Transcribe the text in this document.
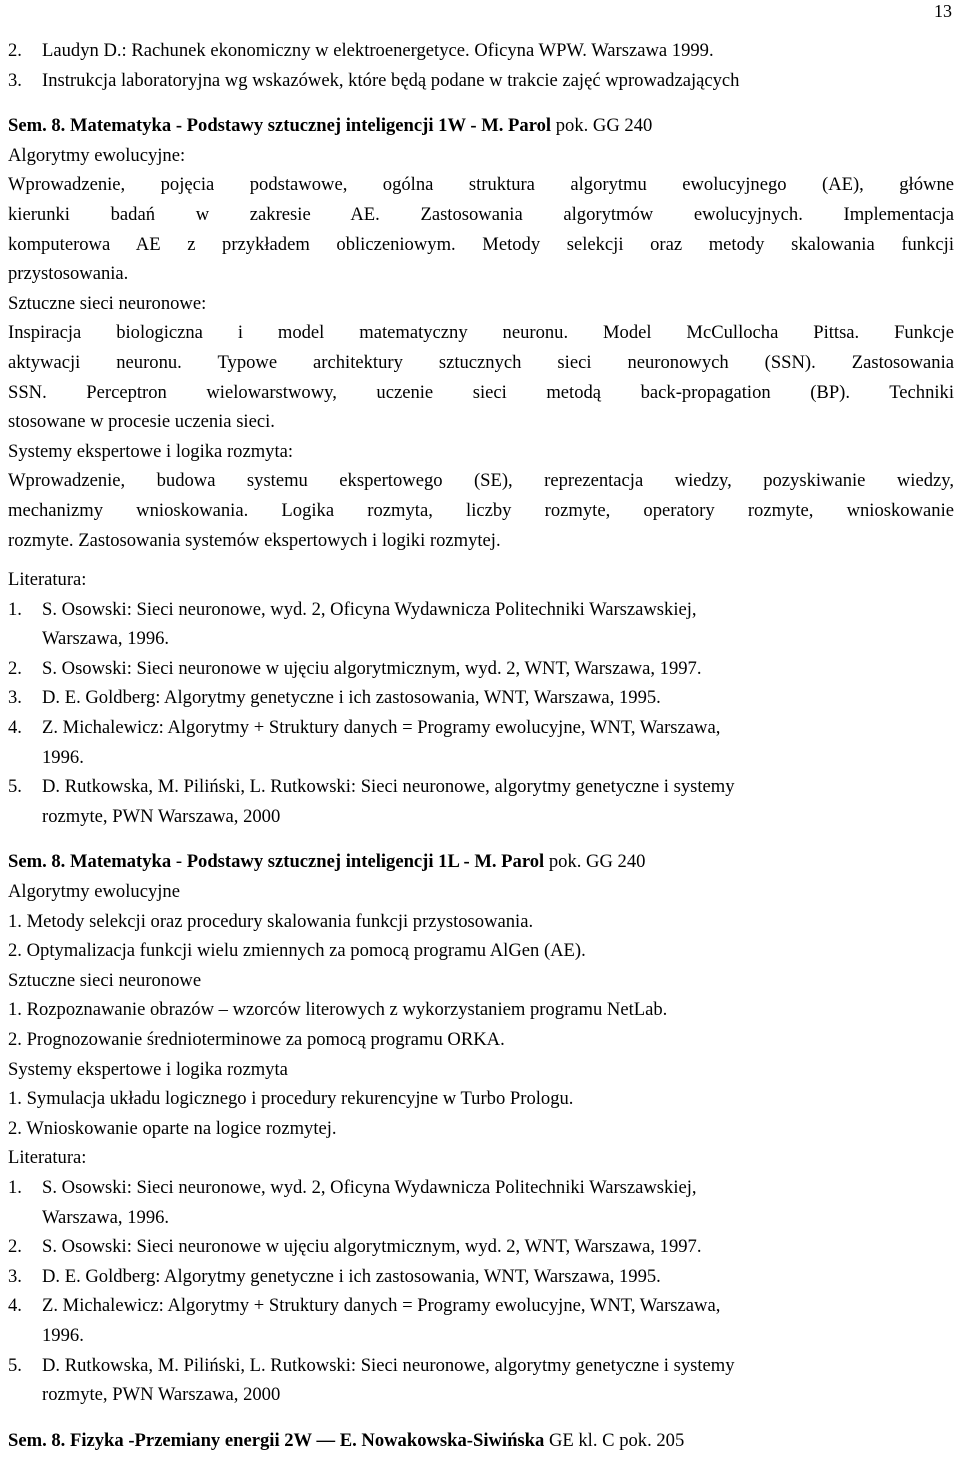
13
2. Laudyn D.: Rachunek ekonomiczny w elektroenergetyce. Oficyna WPW. Warszawa 1999.
3. Instrukcja laboratoryjna wg wskazówek, które będą podane w trakcie zajęć wprowadzających
Sem. 8. Matematyka - Podstawy sztucznej inteligencji 1W - M. Parol pok. GG 240
Algorytmy ewolucyjne:
Wprowadzenie, pojęcia podstawowe, ogólna struktura algorytmu ewolucyjnego (AE), główne
kierunki badań w zakresie AE. Zastosowania algorytmów ewolucyjnych. Implementacja
komputerowa AE z przykładem obliczeniowym. Metody selekcji oraz metody skalowania funkcji
przystosowania.
Sztuczne sieci neuronowe:
Inspiracja biologiczna i model matematyczny neuronu. Model McCullocha Pittsa. Funkcje
aktywacji neuronu. Typowe architektury sztucznych sieci neuronowych (SSN). Zastosowania
SSN. Perceptron wielowarstwowy, uczenie sieci metodą back-propagation (BP). Techniki
stosowane w procesie uczenia sieci.
Systemy ekspertowe i logika rozmyta:
Wprowadzenie, budowa systemu ekspertowego (SE), reprezentacja wiedzy, pozyskiwanie wiedzy,
mechanizmy wnioskowania. Logika rozmyta, liczby rozmyte, operatory rozmyte, wnioskowanie
rozmyte. Zastosowania systemów ekspertowych i logiki rozmytej.
Literatura:
1. S. Osowski: Sieci neuronowe, wyd. 2, Oficyna Wydawnicza Politechniki Warszawskiej,
Warszawa, 1996.
2. S. Osowski: Sieci neuronowe w ujęciu algorytmicznym, wyd. 2, WNT, Warszawa, 1997.
3. D. E. Goldberg: Algorytmy genetyczne i ich zastosowania, WNT, Warszawa, 1995.
4. Z. Michalewicz: Algorytmy + Struktury danych = Programy ewolucyjne, WNT, Warszawa,
1996.
5. D. Rutkowska, M. Piliński, L. Rutkowski: Sieci neuronowe, algorytmy genetyczne i systemy
rozmyte, PWN Warszawa, 2000
Sem. 8. Matematyka - Podstawy sztucznej inteligencji 1L - M. Parol pok. GG 240
Algorytmy ewolucyjne
1. Metody selekcji oraz procedury skalowania funkcji przystosowania.
2. Optymalizacja funkcji wielu zmiennych za pomocą programu AlGen (AE).
Sztuczne sieci neuronowe
1. Rozpoznawanie obrazów – wzorców literowych z wykorzystaniem programu NetLab.
2. Prognozowanie średnioterminowe za pomocą programu ORKA.
Systemy ekspertowe i logika rozmyta
1. Symulacja układu logicznego i procedury rekurencyjne w Turbo Prologu.
2. Wnioskowanie oparte na logice rozmytej.
Literatura:
1. S. Osowski: Sieci neuronowe, wyd. 2, Oficyna Wydawnicza Politechniki Warszawskiej,
Warszawa, 1996.
2. S. Osowski: Sieci neuronowe w ujęciu algorytmicznym, wyd. 2, WNT, Warszawa, 1997.
3. D. E. Goldberg: Algorytmy genetyczne i ich zastosowania, WNT, Warszawa, 1995.
4. Z. Michalewicz: Algorytmy + Struktury danych = Programy ewolucyjne, WNT, Warszawa,
1996.
5. D. Rutkowska, M. Piliński, L. Rutkowski: Sieci neuronowe, algorytmy genetyczne i systemy
rozmyte, PWN Warszawa, 2000
Sem. 8. Fizyka -Przemiany energii 2W — E. Nowakowska-Siwińska GE kl. C pok. 205
